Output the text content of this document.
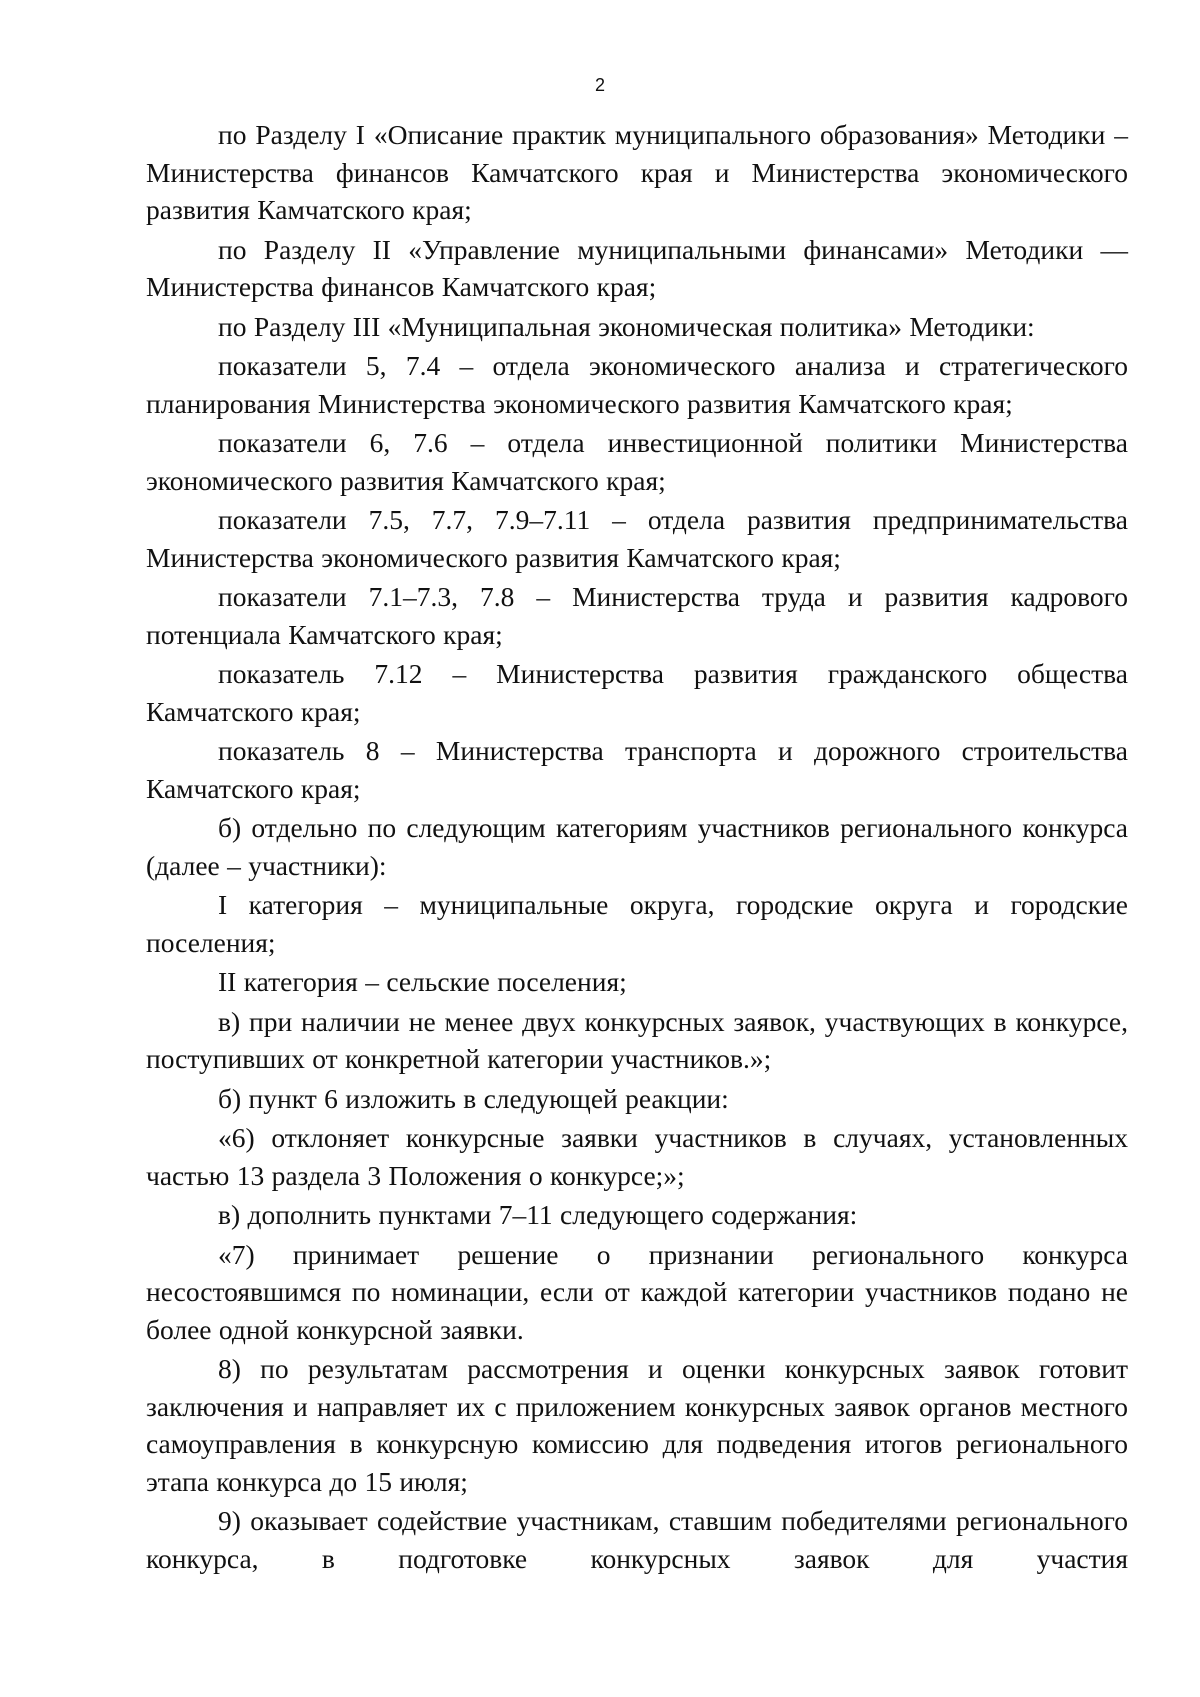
2

по Разделу I «Описание практик муниципального образования» Методики – Министерства финансов Камчатского края и Министерства экономического развития Камчатского края;

по Разделу II «Управление муниципальными финансами» Методики — Министерства финансов Камчатского края;

по Разделу III «Муниципальная экономическая политика» Методики:

показатели 5, 7.4 – отдела экономического анализа и стратегического планирования Министерства экономического развития Камчатского края;

показатели 6, 7.6 – отдела инвестиционной политики Министерства экономического развития Камчатского края;

показатели 7.5, 7.7, 7.9–7.11 – отдела развития предпринимательства Министерства экономического развития Камчатского края;

показатели 7.1–7.3, 7.8 – Министерства труда и развития кадрового потенциала Камчатского края;

показатель 7.12 – Министерства развития гражданского общества Камчатского края;

показатель 8 – Министерства транспорта и дорожного строительства Камчатского края;

б) отдельно по следующим категориям участников регионального конкурса (далее – участники):

I категория – муниципальные округа, городские округа и городские поселения;

II категория – сельские поселения;

в) при наличии не менее двух конкурсных заявок, участвующих в конкурсе, поступивших от конкретной категории участников.»;

б) пункт 6 изложить в следующей реакции:

«6) отклоняет конкурсные заявки участников в случаях, установленных частью 13 раздела 3 Положения о конкурсе;»;

в) дополнить пунктами 7–11 следующего содержания:

«7) принимает решение о признании регионального конкурса несостоявшимся по номинации, если от каждой категории участников подано не более одной конкурсной заявки.

8) по результатам рассмотрения и оценки конкурсных заявок готовит заключения и направляет их с приложением конкурсных заявок органов местного самоуправления в конкурсную комиссию для подведения итогов регионального этапа конкурса до 15 июля;

9) оказывает содействие участникам, ставшим победителями регионального конкурса, в подготовке конкурсных заявок для участия
